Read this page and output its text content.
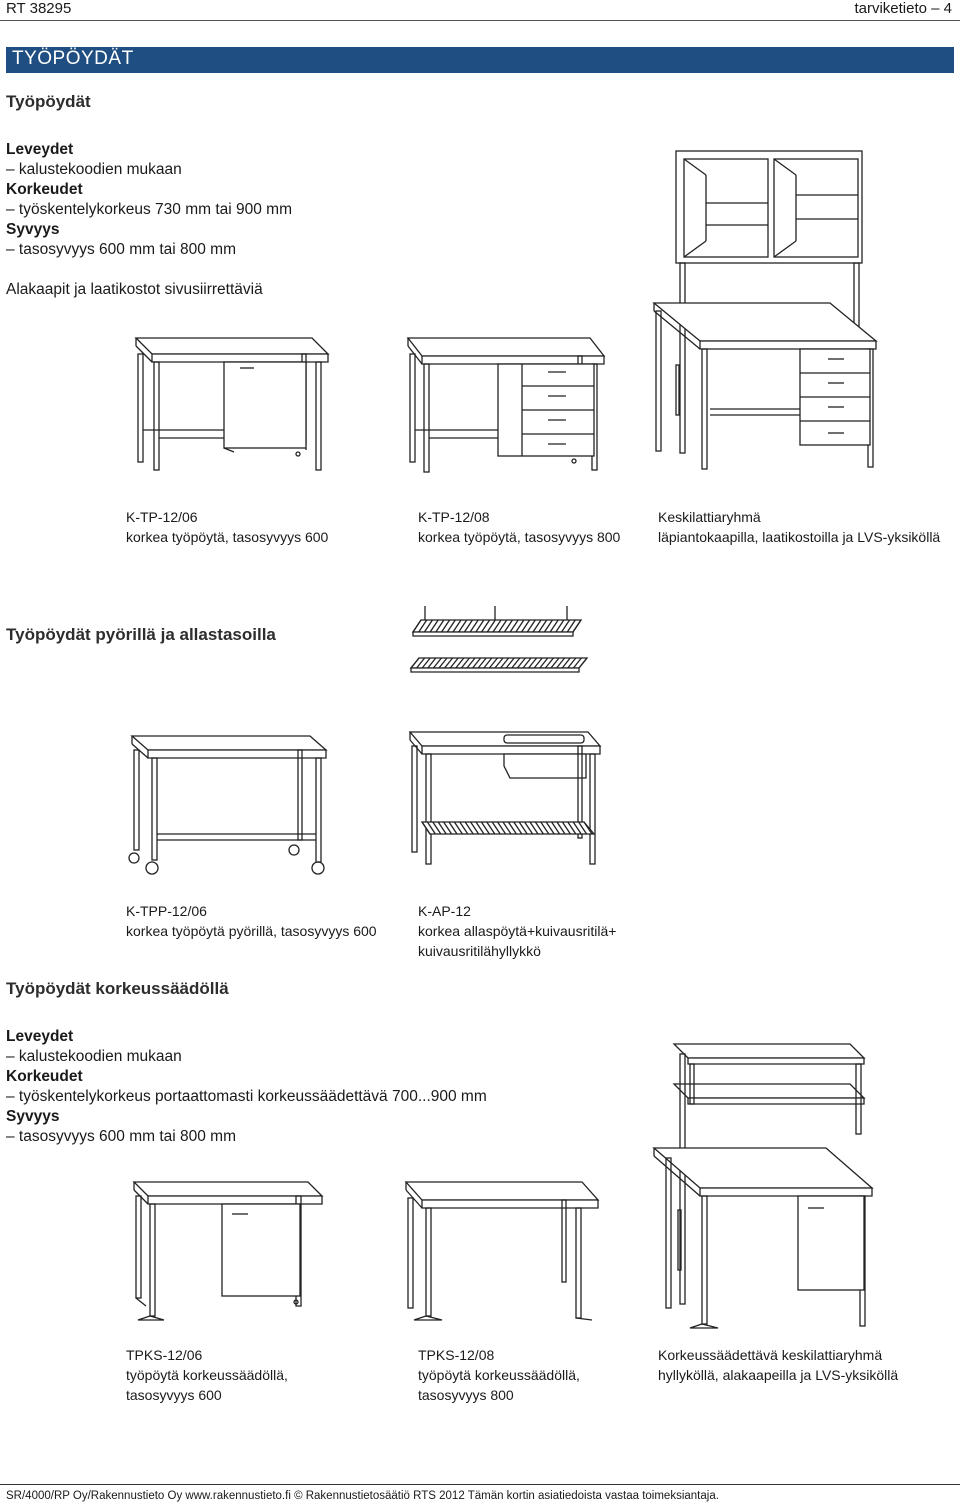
RT 38295	tarviketieto – 4
TYÖPÖYDÄT
Työpöydät
Leveydet
– kalustekoodien mukaan
Korkeudet
– työskentelykorkeus 730 mm tai 900 mm
Syvyys
– tasosyvyys 600 mm tai 800 mm
Alakaapit ja laatikostot sivusiirrettäviä
K-TP-12/06
korkea työpöytä, tasosyvyys 600
K-TP-12/08
korkea työpöytä, tasosyvyys 800
Keskilattiaryhmä
läpiantokaapilla, laatikostoilla ja LVS-yksiköllä
Työpöydät pyörillä ja allastasoilla
K-TPP-12/06
korkea työpöytä pyörillä, tasosyvyys 600
K-AP-12
korkea allaspöytä+kuivausritilä+
kuivausritilähyllykkö
Työpöydät korkeussäädöllä
Leveydet
– kalustekoodien mukaan
Korkeudet
– työskentelykorkeus portaattomasti korkeussäädettävä 700...900 mm
Syvyys
– tasosyvyys 600 mm tai 800 mm
TPKS-12/06
työpöytä korkeussäädöllä,
tasosyvyys 600
TPKS-12/08
työpöytä korkeussäädöllä,
tasosyvyys 800
Korkeussäädettävä keskilattiaryhmä
hyllyköllä, alakaapeilla ja LVS-yksiköllä
SR/4000/RP Oy/Rakennustieto Oy www.rakennustieto.fi © Rakennustietosäätiö RTS 2012 Tämän kortin asiatiedoista vastaa toimeksiantaja.
